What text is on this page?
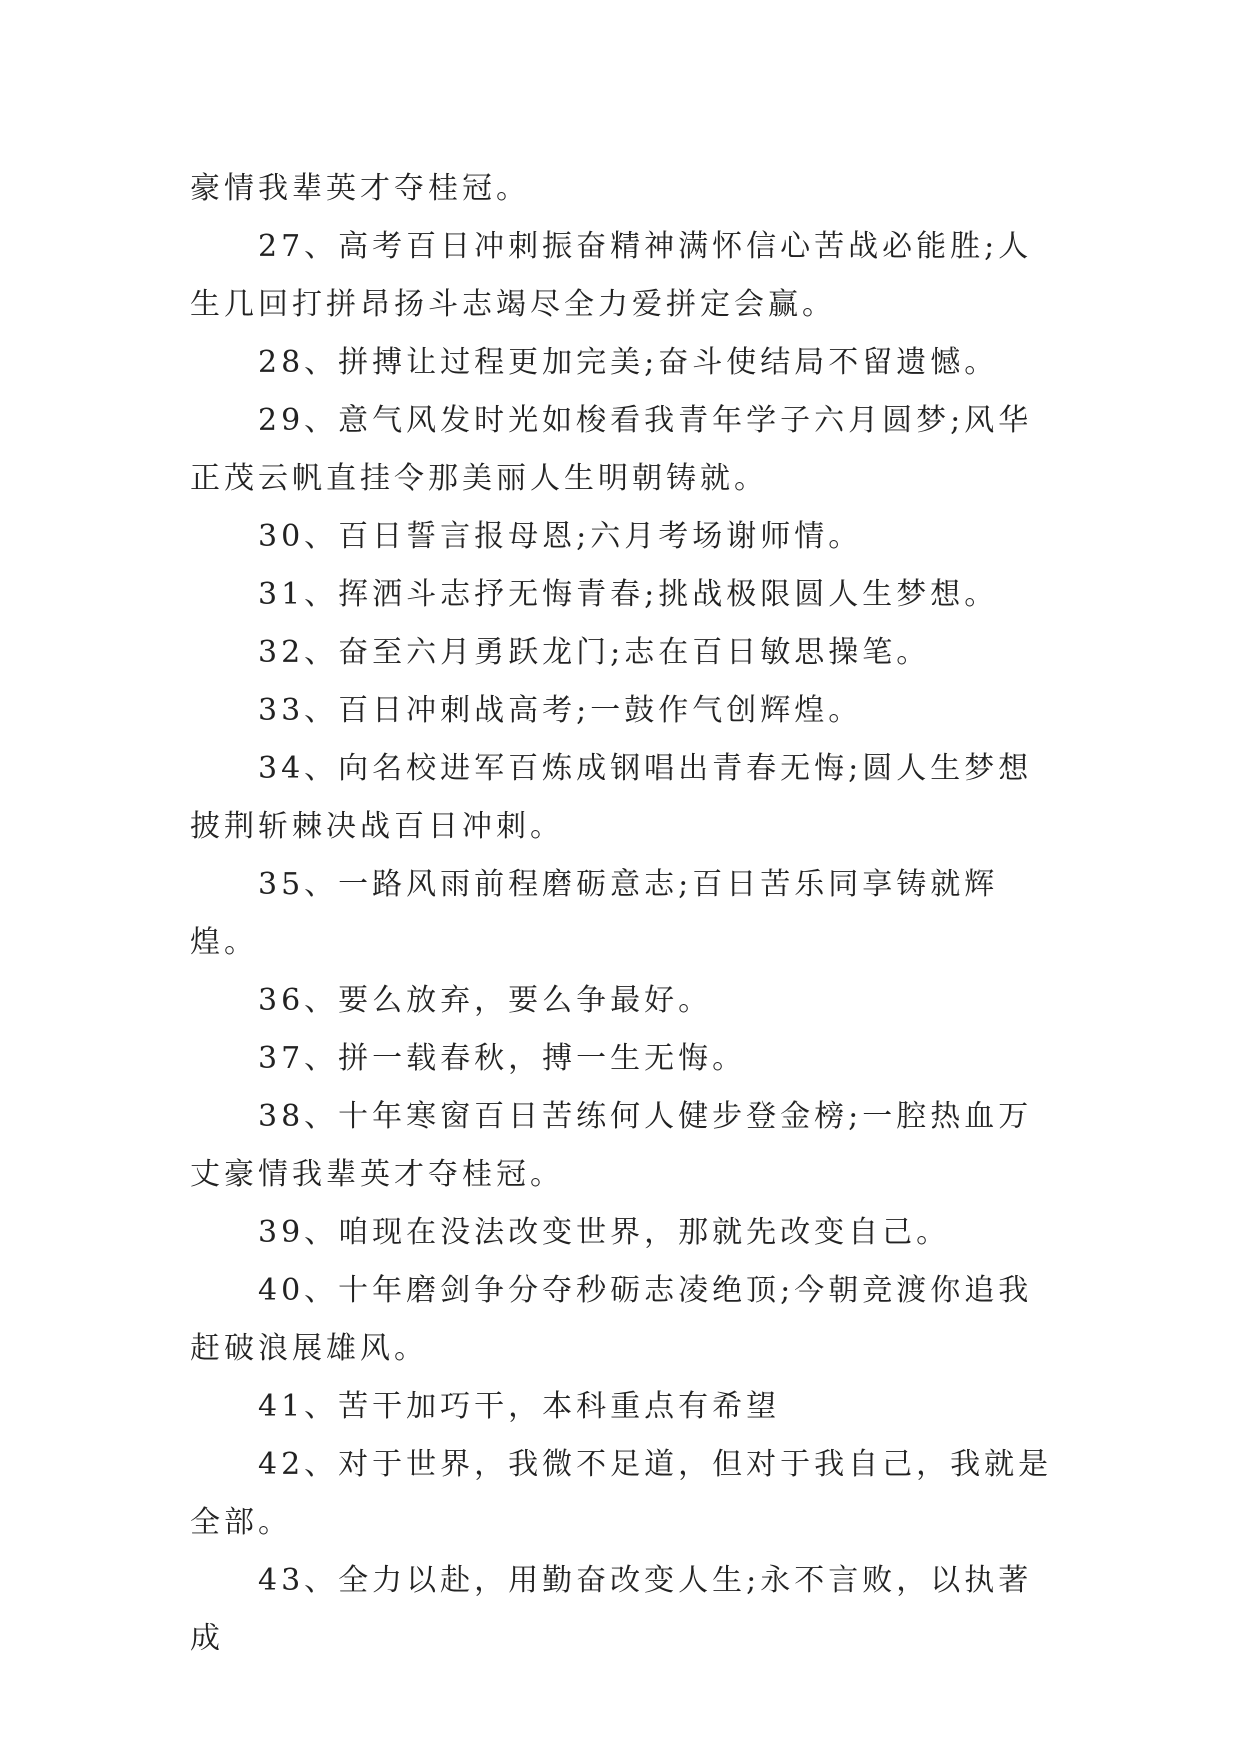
豪情我辈英才夺桂冠。

27、高考百日冲刺振奋精神满怀信心苦战必能胜;人生几回打拼昂扬斗志竭尽全力爱拼定会赢。

28、拼搏让过程更加完美;奋斗使结局不留遗憾。

29、意气风发时光如梭看我青年学子六月圆梦;风华正茂云帆直挂令那美丽人生明朝铸就。

30、百日誓言报母恩;六月考场谢师情。

31、挥洒斗志抒无悔青春;挑战极限圆人生梦想。

32、奋至六月勇跃龙门;志在百日敏思操笔。

33、百日冲刺战高考;一鼓作气创辉煌。

34、向名校进军百炼成钢唱出青春无悔;圆人生梦想披荆斩棘决战百日冲刺。

35、一路风雨前程磨砺意志;百日苦乐同享铸就辉煌。

36、要么放弃，要么争最好。

37、拼一载春秋，搏一生无悔。

38、十年寒窗百日苦练何人健步登金榜;一腔热血万丈豪情我辈英才夺桂冠。

39、咱现在没法改变世界，那就先改变自己。

40、十年磨剑争分夺秒砺志凌绝顶;今朝竞渡你追我赶破浪展雄风。

41、苦干加巧干，本科重点有希望

42、对于世界，我微不足道，但对于我自己，我就是全部。

43、全力以赴，用勤奋改变人生;永不言败，以执著成
